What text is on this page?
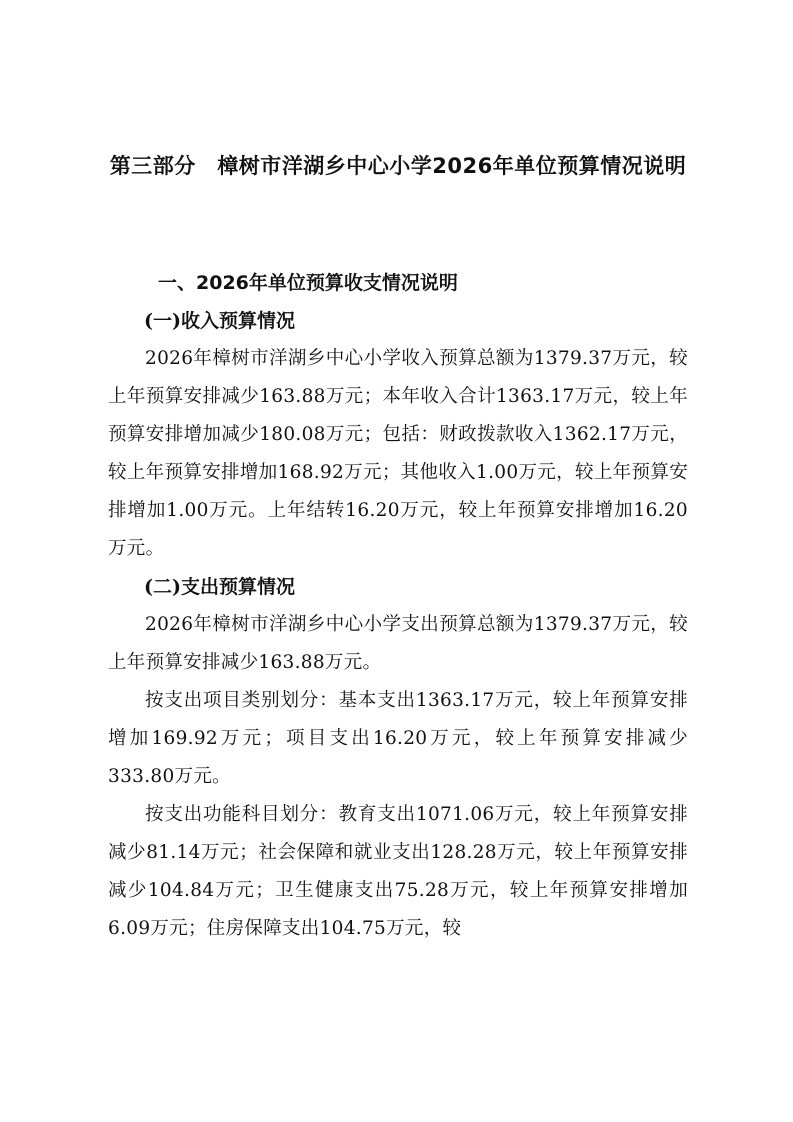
第三部分　樟树市洋湖乡中心小学2026年单位预算情况说明

一、2026年单位预算收支情况说明

(一)收入预算情况

2026年樟树市洋湖乡中心小学收入预算总额为1379.37万元，较上年预算安排减少163.88万元；本年收入合计1363.17万元，较上年预算安排增加减少180.08万元；包括：财政拨款收入1362.17万元，较上年预算安排增加168.92万元；其他收入1.00万元，较上年预算安排增加1.00万元。上年结转16.20万元，较上年预算安排增加16.20万元。

(二)支出预算情况

2026年樟树市洋湖乡中心小学支出预算总额为1379.37万元，较上年预算安排减少163.88万元。

按支出项目类别划分：基本支出1363.17万元，较上年预算安排增加169.92万元；项目支出16.20万元，较上年预算安排减少333.80万元。

按支出功能科目划分：教育支出1071.06万元，较上年预算安排减少81.14万元；社会保障和就业支出128.28万元，较上年预算安排减少104.84万元；卫生健康支出75.28万元，较上年预算安排增加6.09万元；住房保障支出104.75万元，较
